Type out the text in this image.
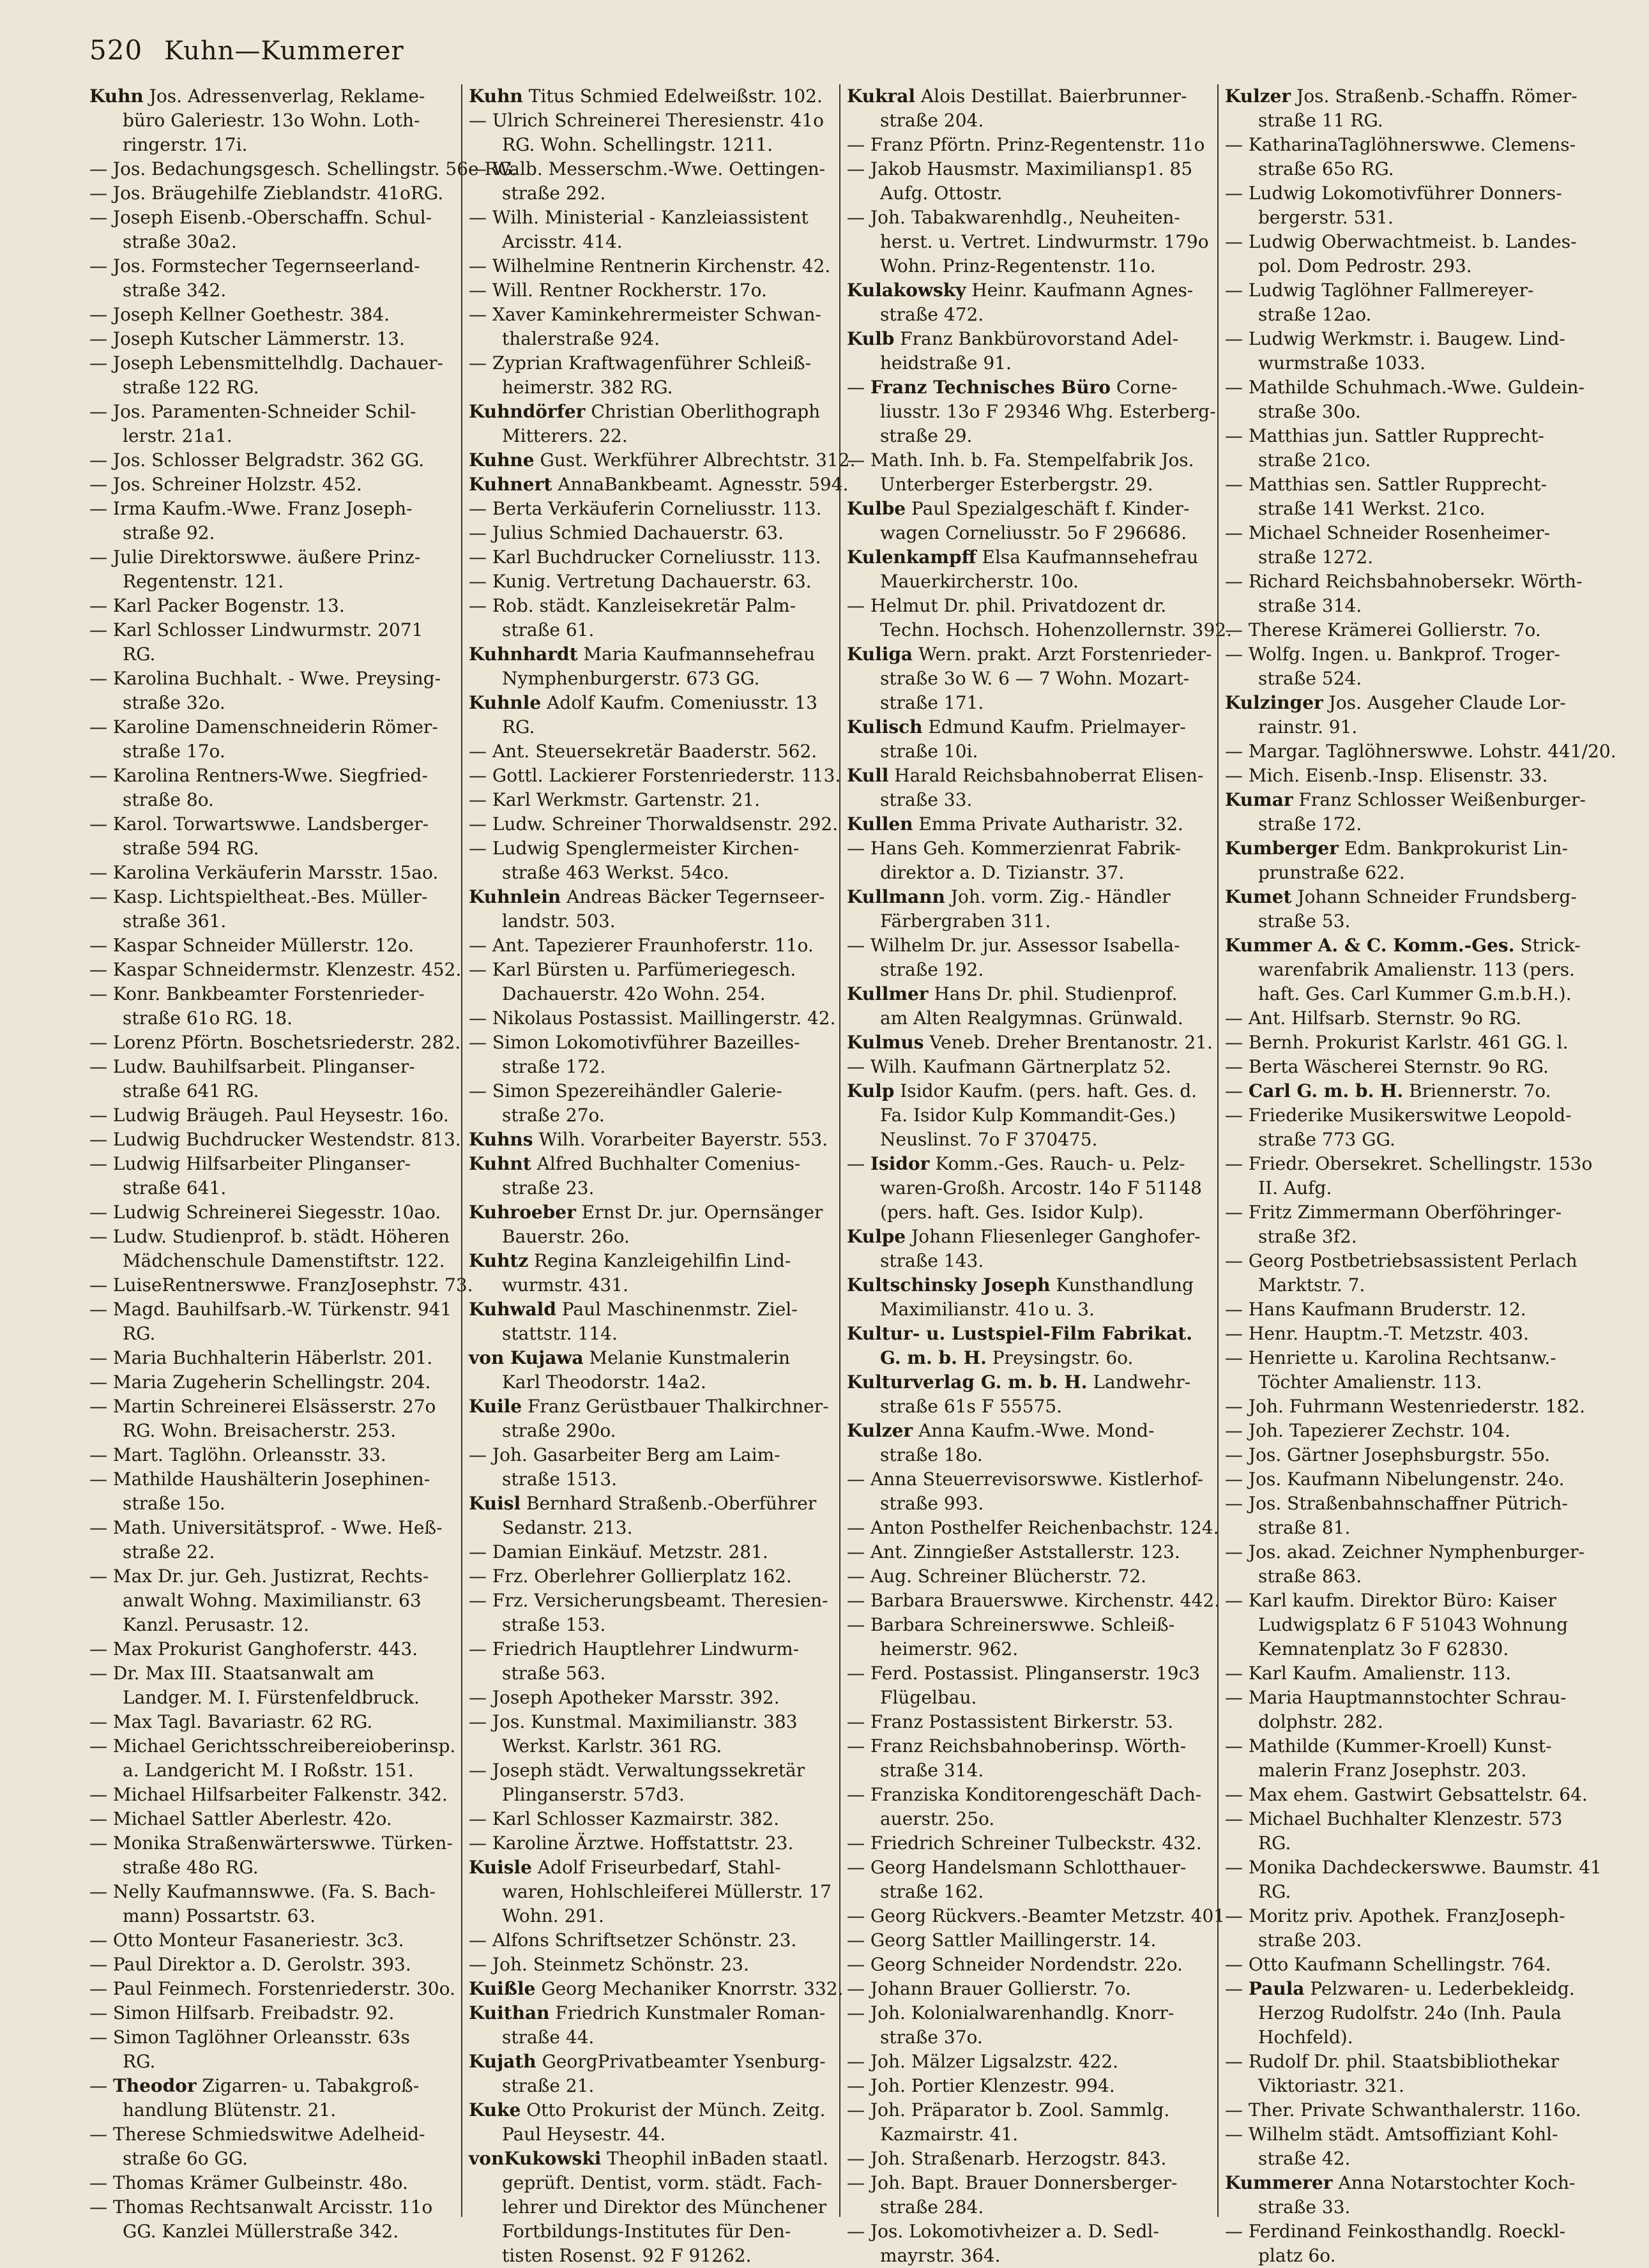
520 Kuhn—Kummerer
Kuhn Jos. Adressenverlag, Reklame-
büro Galeriestr. 13o Wohn. Loth-
ringerstr. 17i.
— Jos. Bedachungsgesch. Schellingstr. 56e RG.
— Jos. Bräugehilfe Zieblandstr. 41oRG.
— Joseph Eisenb.-Oberschaffn. Schul-
straße 30a2.
— Jos. Formstecher Tegernseerland-
straße 342.
— Joseph Kellner Goethestr. 384.
— Joseph Kutscher Lämmerstr. 13.
— Joseph Lebensmittelhdlg. Dachauer-
straße 122 RG.
— Jos. Paramenten-Schneider Schil-
lerstr. 21a1.
— Jos. Schlosser Belgradstr. 362 GG.
— Jos. Schreiner Holzstr. 452.
— Irma Kaufm.-Wwe. Franz Joseph-
straße 92.
— Julie Direktorswwe. äußere Prinz-
Regentenstr. 121.
— Karl Packer Bogenstr. 13.
— Karl Schlosser Lindwurmstr. 2071
RG.
— Karolina Buchhalt. - Wwe. Preysing-
straße 32o.
— Karoline Damenschneiderin Römer-
straße 17o.
— Karolina Rentners-Wwe. Siegfried-
straße 8o.
— Karol. Torwartswwe. Landsberger-
straße 594 RG.
— Karolina Verkäuferin Marsstr. 15ao.
— Kasp. Lichtspieltheat.-Bes. Müller-
straße 361.
— Kaspar Schneider Müllerstr. 12o.
— Kaspar Schneidermstr. Klenzestr. 452.
— Konr. Bankbeamter Forstenrieder-
straße 61o RG. 18.
— Lorenz Pförtn. Boschetsriederstr. 282.
— Ludw. Bauhilfsarbeit. Plinganser-
straße 641 RG.
— Ludwig Bräugeh. Paul Heysestr. 16o.
— Ludwig Buchdrucker Westendstr. 813.
— Ludwig Hilfsarbeiter Plinganser-
straße 641.
— Ludwig Schreinerei Siegesstr. 10ao.
— Ludw. Studienprof. b. städt. Höheren
Mädchenschule Damenstiftstr. 122.
— LuiseRentnerswwe. FranzJosephstr. 73.
— Magd. Bauhilfsarb.-W. Türkenstr. 941
RG.
— Maria Buchhalterin Häberlstr. 201.
— Maria Zugeherin Schellingstr. 204.
— Martin Schreinerei Elsässerstr. 27o
RG. Wohn. Breisacherstr. 253.
— Mart. Taglöhn. Orleansstr. 33.
— Mathilde Haushälterin Josephinen-
straße 15o.
— Math. Universitätsprof. - Wwe. Heß-
straße 22.
— Max Dr. jur. Geh. Justizrat, Rechts-
anwalt Wohng. Maximilianstr. 63
Kanzl. Perusastr. 12.
— Max Prokurist Ganghoferstr. 443.
— Dr. Max III. Staatsanwalt am
Landger. M. I. Fürstenfeldbruck.
— Max Tagl. Bavariastr. 62 RG.
— Michael Gerichtsschreibereioberinsp.
a. Landgericht M. I Roßstr. 151.
— Michael Hilfsarbeiter Falkenstr. 342.
— Michael Sattler Aberlestr. 42o.
— Monika Straßenwärterswwe. Türken-
straße 48o RG.
— Nelly Kaufmannswwe. (Fa. S. Bach-
mann) Possartstr. 63.
— Otto Monteur Fasaneriestr. 3c3.
— Paul Direktor a. D. Gerolstr. 393.
— Paul Feinmech. Forstenriederstr. 30o.
— Simon Hilfsarb. Freibadstr. 92.
— Simon Taglöhner Orleansstr. 63s
RG.
— Theodor Zigarren- u. Tabakgroß-
handlung Blütenstr. 21.
— Therese Schmiedswitwe Adelheid-
straße 6o GG.
— Thomas Krämer Gulbeinstr. 48o.
— Thomas Rechtsanwalt Arcisstr. 11o
GG. Kanzlei Müllerstraße 342.
Kuhn Titus Schmied Edelweißstr. 102.
— Ulrich Schreinerei Theresienstr. 41o
RG. Wohn. Schellingstr. 1211.
— Walb. Messerschm.-Wwe. Oettingen-
straße 292.
— Wilh. Ministerial - Kanzleiassistent
Arcisstr. 414.
— Wilhelmine Rentnerin Kirchenstr. 42.
— Will. Rentner Rockherstr. 17o.
— Xaver Kaminkehrermeister Schwan-
thalerstraße 924.
— Zyprian Kraftwagenführer Schleiß-
heimerstr. 382 RG.
Kuhndörfer Christian Oberlithograph
Mitterers. 22.
Kuhne Gust. Werkführer Albrechtstr. 312.
Kuhnert AnnaBankbeamt. Agnesstr. 594.
— Berta Verkäuferin Corneliusstr. 113.
— Julius Schmied Dachauerstr. 63.
— Karl Buchdrucker Corneliusstr. 113.
— Kunig. Vertretung Dachauerstr. 63.
— Rob. städt. Kanzleisekretär Palm-
straße 61.
Kuhnhardt Maria Kaufmannsehefrau
Nymphenburgerstr. 673 GG.
Kuhnle Adolf Kaufm. Comeniusstr. 13
RG.
— Ant. Steuersekretär Baaderstr. 562.
— Gottl. Lackierer Forstenriederstr. 113.
— Karl Werkmstr. Gartenstr. 21.
— Ludw. Schreiner Thorwaldsenstr. 292.
— Ludwig Spenglermeister Kirchen-
straße 463 Werkst. 54co.
Kuhnlein Andreas Bäcker Tegernseer-
landstr. 503.
— Ant. Tapezierer Fraunhoferstr. 11o.
— Karl Bürsten u. Parfümeriegesch.
Dachauerstr. 42o Wohn. 254.
— Nikolaus Postassist. Maillingerstr. 42.
— Simon Lokomotivführer Bazeilles-
straße 172.
— Simon Spezereihändler Galerie-
straße 27o.
Kuhns Wilh. Vorarbeiter Bayerstr. 553.
Kuhnt Alfred Buchhalter Comenius-
straße 23.
Kuhroeber Ernst Dr. jur. Opernsänger
Bauerstr. 26o.
Kuhtz Regina Kanzleigehilfin Lind-
wurmstr. 431.
Kuhwald Paul Maschinenmstr. Ziel-
stattstr. 114.
von Kujawa Melanie Kunstmalerin
Karl Theodorstr. 14a2.
Kuile Franz Gerüstbauer Thalkirchner-
straße 290o.
— Joh. Gasarbeiter Berg am Laim-
straße 1513.
Kuisl Bernhard Straßenb.-Oberführer
Sedanstr. 213.
— Damian Einkäuf. Metzstr. 281.
— Frz. Oberlehrer Gollierplatz 162.
— Frz. Versicherungsbeamt. Theresien-
straße 153.
— Friedrich Hauptlehrer Lindwurm-
straße 563.
— Joseph Apotheker Marsstr. 392.
— Jos. Kunstmal. Maximilianstr. 383
Werkst. Karlstr. 361 RG.
— Joseph städt. Verwaltungssekretär
Plinganserstr. 57d3.
— Karl Schlosser Kazmairstr. 382.
— Karoline Ärztwe. Hoffstattstr. 23.
Kuisle Adolf Friseurbedarf, Stahl-
waren, Hohlschleiferei Müllerstr. 17
Wohn. 291.
— Alfons Schriftsetzer Schönstr. 23.
— Joh. Steinmetz Schönstr. 23.
Kuißle Georg Mechaniker Knorrstr. 332.
Kuithan Friedrich Kunstmaler Roman-
straße 44.
Kujath GeorgPrivatbeamter Ysenburg-
straße 21.
Kuke Otto Prokurist der Münch. Zeitg.
Paul Heysestr. 44.
vonKukowski Theophil inBaden staatl.
geprüft. Dentist, vorm. städt. Fach-
lehrer und Direktor des Münchener
Fortbildungs-Institutes für Den-
tisten Rosenst. 92 F 91262.
Kukral Alois Destillat. Baierbrunner-
straße 204.
— Franz Pförtn. Prinz-Regentenstr. 11o
— Jakob Hausmstr. Maximiliansp1. 85
Aufg. Ottostr.
— Joh. Tabakwarenhdlg., Neuheiten-
herst. u. Vertret. Lindwurmstr. 179o
Wohn. Prinz-Regentenstr. 11o.
Kulakowsky Heinr. Kaufmann Agnes-
straße 472.
Kulb Franz Bankbürovorstand Adel-
heidstraße 91.
— Franz Technisches Büro Corne-
liusstr. 13o F 29346 Whg. Esterberg-
straße 29.
— Math. Inh. b. Fa. Stempelfabrik Jos.
Unterberger Esterbergstr. 29.
Kulbe Paul Spezialgeschäft f. Kinder-
wagen Corneliusstr. 5o F 296686.
Kulenkampff Elsa Kaufmannsehefrau
Mauerkircherstr. 10o.
— Helmut Dr. phil. Privatdozent dr.
Techn. Hochsch. Hohenzollernstr. 392.
Kuliga Wern. prakt. Arzt Forstenrieder-
straße 3o W. 6 — 7 Wohn. Mozart-
straße 171.
Kulisch Edmund Kaufm. Prielmayer-
straße 10i.
Kull Harald Reichsbahnoberrat Elisen-
straße 33.
Kullen Emma Private Autharistr. 32.
— Hans Geh. Kommerzienrat Fabrik-
direktor a. D. Tizianstr. 37.
Kullmann Joh. vorm. Zig.- Händler
Färbergraben 311.
— Wilhelm Dr. jur. Assessor Isabella-
straße 192.
Kullmer Hans Dr. phil. Studienprof.
am Alten Realgymnas. Grünwald.
Kulmus Veneb. Dreher Brentanostr. 21.
— Wilh. Kaufmann Gärtnerplatz 52.
Kulp Isidor Kaufm. (pers. haft. Ges. d.
Fa. Isidor Kulp Kommandit-Ges.)
Neuslinst. 7o F 370475.
— Isidor Komm.-Ges. Rauch- u. Pelz-
waren-Großh. Arcostr. 14o F 51148
(pers. haft. Ges. Isidor Kulp).
Kulpe Johann Fliesenleger Ganghofer-
straße 143.
Kultschinsky Joseph Kunsthandlung
Maximilianstr. 41o u. 3.
Kultur- u. Lustspiel-Film Fabrikat.
G. m. b. H. Preysingstr. 6o.
Kulturverlag G. m. b. H. Landwehr-
straße 61s F 55575.
Kulzer Anna Kaufm.-Wwe. Mond-
straße 18o.
— Anna Steuerrevisorswwe. Kistlerhof-
straße 993.
— Anton Posthelfer Reichenbachstr. 124.
— Ant. Zinngießer Aststallerstr. 123.
— Aug. Schreiner Blücherstr. 72.
— Barbara Brauerswwe. Kirchenstr. 442.
— Barbara Schreinerswwe. Schleiß-
heimerstr. 962.
— Ferd. Postassist. Plinganserstr. 19c3
Flügelbau.
— Franz Postassistent Birkerstr. 53.
— Franz Reichsbahnoberinsp. Wörth-
straße 314.
— Franziska Konditorengeschäft Dach-
auerstr. 25o.
— Friedrich Schreiner Tulbeckstr. 432.
— Georg Handelsmann Schlotthauer-
straße 162.
— Georg Rückvers.-Beamter Metzstr. 401
— Georg Sattler Maillingerstr. 14.
— Georg Schneider Nordendstr. 22o.
— Johann Brauer Gollierstr. 7o.
— Joh. Kolonialwarenhandlg. Knorr-
straße 37o.
— Joh. Mälzer Ligsalzstr. 422.
— Joh. Portier Klenzestr. 994.
— Joh. Präparator b. Zool. Sammlg.
Kazmairstr. 41.
— Joh. Straßenarb. Herzogstr. 843.
— Joh. Bapt. Brauer Donnersberger-
straße 284.
— Jos. Lokomotivheizer a. D. Sedl-
mayrstr. 364.
Kulzer Jos. Straßenb.-Schaffn. Römer-
straße 11 RG.
— KatharinaTaglöhnerswwe. Clemens-
straße 65o RG.
— Ludwig Lokomotivführer Donners-
bergerstr. 531.
— Ludwig Oberwachtmeist. b. Landes-
pol. Dom Pedrostr. 293.
— Ludwig Taglöhner Fallmereyer-
straße 12ao.
— Ludwig Werkmstr. i. Baugew. Lind-
wurmstraße 1033.
— Mathilde Schuhmach.-Wwe. Guldein-
straße 30o.
— Matthias jun. Sattler Rupprecht-
straße 21co.
— Matthias sen. Sattler Rupprecht-
straße 141 Werkst. 21co.
— Michael Schneider Rosenheimer-
straße 1272.
— Richard Reichsbahnobersekr. Wörth-
straße 314.
— Therese Krämerei Gollierstr. 7o.
— Wolfg. Ingen. u. Bankprof. Troger-
straße 524.
Kulzinger Jos. Ausgeher Claude Lor-
rainstr. 91.
— Margar. Taglöhnerswwe. Lohstr. 441/20.
— Mich. Eisenb.-Insp. Elisenstr. 33.
Kumar Franz Schlosser Weißenburger-
straße 172.
Kumberger Edm. Bankprokurist Lin-
prunstraße 622.
Kumet Johann Schneider Frundsberg-
straße 53.
Kummer A. & C. Komm.-Ges. Strick-
warenfabrik Amalienstr. 113 (pers.
haft. Ges. Carl Kummer G.m.b.H.).
— Ant. Hilfsarb. Sternstr. 9o RG.
— Bernh. Prokurist Karlstr. 461 GG. l.
— Berta Wäscherei Sternstr. 9o RG.
— Carl G. m. b. H. Briennerstr. 7o.
— Friederike Musikerswitwe Leopold-
straße 773 GG.
— Friedr. Obersekret. Schellingstr. 153o
II. Aufg.
— Fritz Zimmermann Oberföhringer-
straße 3f2.
— Georg Postbetriebsassistent Perlach
Marktstr. 7.
— Hans Kaufmann Bruderstr. 12.
— Henr. Hauptm.-T. Metzstr. 403.
— Henriette u. Karolina Rechtsanw.-
Töchter Amalienstr. 113.
— Joh. Fuhrmann Westenriederstr. 182.
— Joh. Tapezierer Zechstr. 104.
— Jos. Gärtner Josephsburgstr. 55o.
— Jos. Kaufmann Nibelungenstr. 24o.
— Jos. Straßenbahnschaffner Pütrich-
straße 81.
— Jos. akad. Zeichner Nymphenburger-
straße 863.
— Karl kaufm. Direktor Büro: Kaiser
Ludwigsplatz 6 F 51043 Wohnung
Kemnatenplatz 3o F 62830.
— Karl Kaufm. Amalienstr. 113.
— Maria Hauptmannstochter Schrau-
dolphstr. 282.
— Mathilde (Kummer-Kroell) Kunst-
malerin Franz Josephstr. 203.
— Max ehem. Gastwirt Gebsattelstr. 64.
— Michael Buchhalter Klenzestr. 573
RG.
— Monika Dachdeckerswwe. Baumstr. 41
RG.
— Moritz priv. Apothek. FranzJoseph-
straße 203.
— Otto Kaufmann Schellingstr. 764.
— Paula Pelzwaren- u. Lederbekleidg.
Herzog Rudolfstr. 24o (Inh. Paula
Hochfeld).
— Rudolf Dr. phil. Staatsbibliothekar
Viktoriastr. 321.
— Ther. Private Schwanthalerstr. 116o.
— Wilhelm städt. Amtsoffiziant Kohl-
straße 42.
Kummerer Anna Notarstochter Koch-
straße 33.
— Ferdinand Feinkosthandlg. Roeckl-
platz 6o.
